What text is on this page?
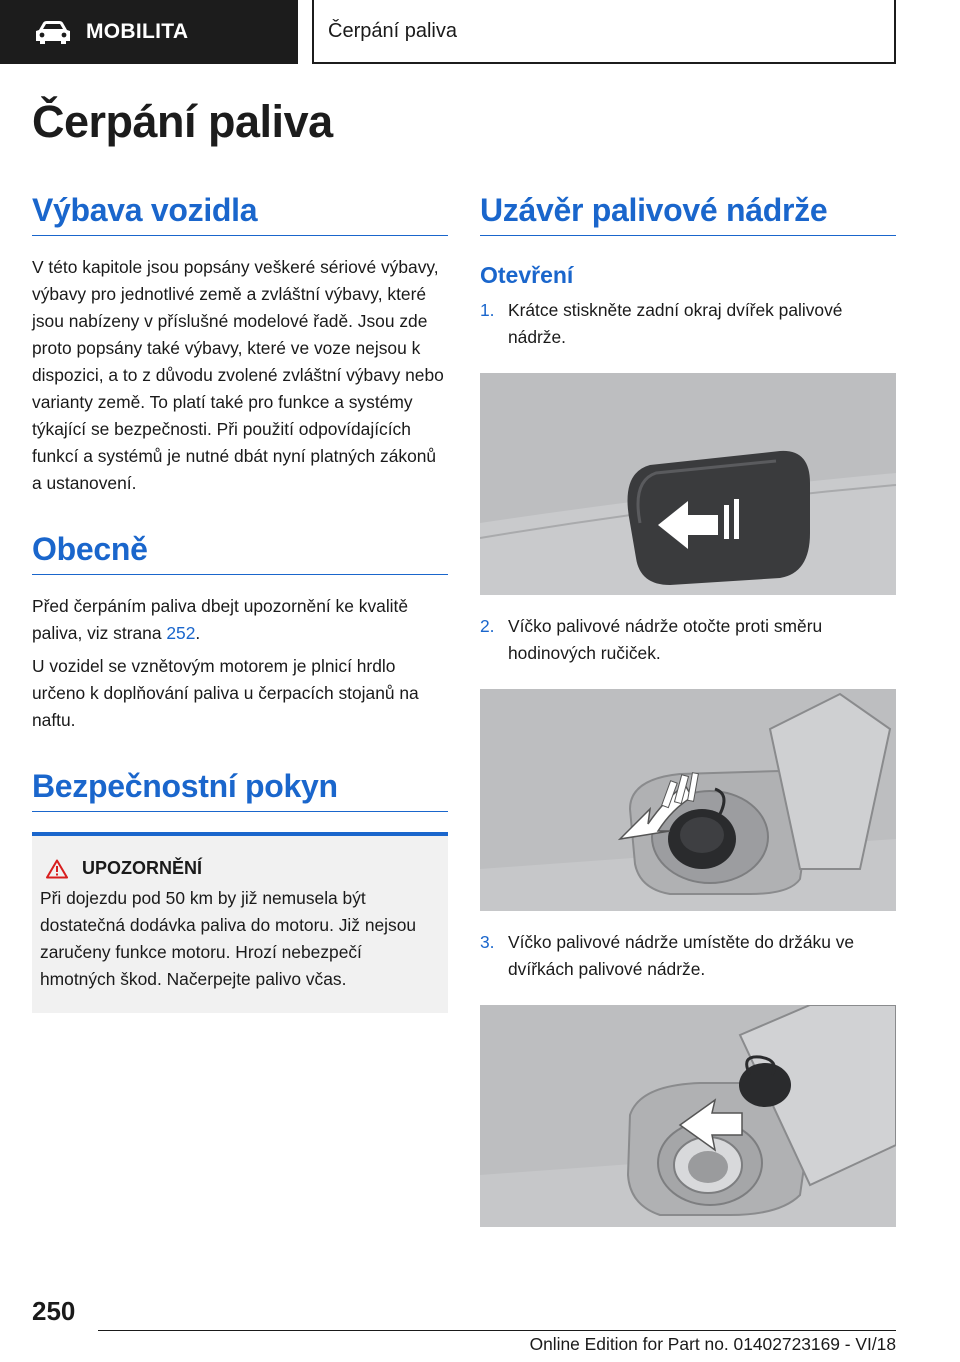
MOBILITA	Čerpání paliva
Čerpání paliva
Výbava vozidla

V této kapitole jsou popsány veškeré sériové výbavy, výbavy pro jednotlivé země a zvláštní výbavy, které jsou nabízeny v příslušné modelové řadě. Jsou zde proto popsány také výbavy, které ve voze nejsou k dispozici, a to z důvodu zvolené zvláštní výbavy nebo varianty země. To platí také pro funkce a systémy týkající se bezpečnosti. Při použití odpovídajících funkcí a systémů je nutné dbát nyní platných zákonů a ustanovení.

Obecně

Před čerpáním paliva dbejt upozornění ke kvalitě paliva, viz strana 252.

U vozidel se vznětovým motorem je plnicí hrdlo určeno k doplňování paliva u čerpacích stojanů na naftu.

Bezpečnostní pokyn
UPOZORNĚNÍ

Při dojezdu pod 50 km by již nemusela být dostatečná dodávka paliva do motoru. Již nejsou zaručeny funkce motoru. Hrozí nebezpečí hmotných škod. Načerpejte palivo včas.

Uzávěr palivové nádrže
Otevření
1. Krátce stiskněte zadní okraj dvířek palivové nádrže.
2. Víčko palivové nádrže otočte proti směru hodinových ručiček.
3. Víčko palivové nádrže umístěte do držáku ve dvířkách palivové nádrže.
250
Online Edition for Part no. 01402723169 - VI/18
